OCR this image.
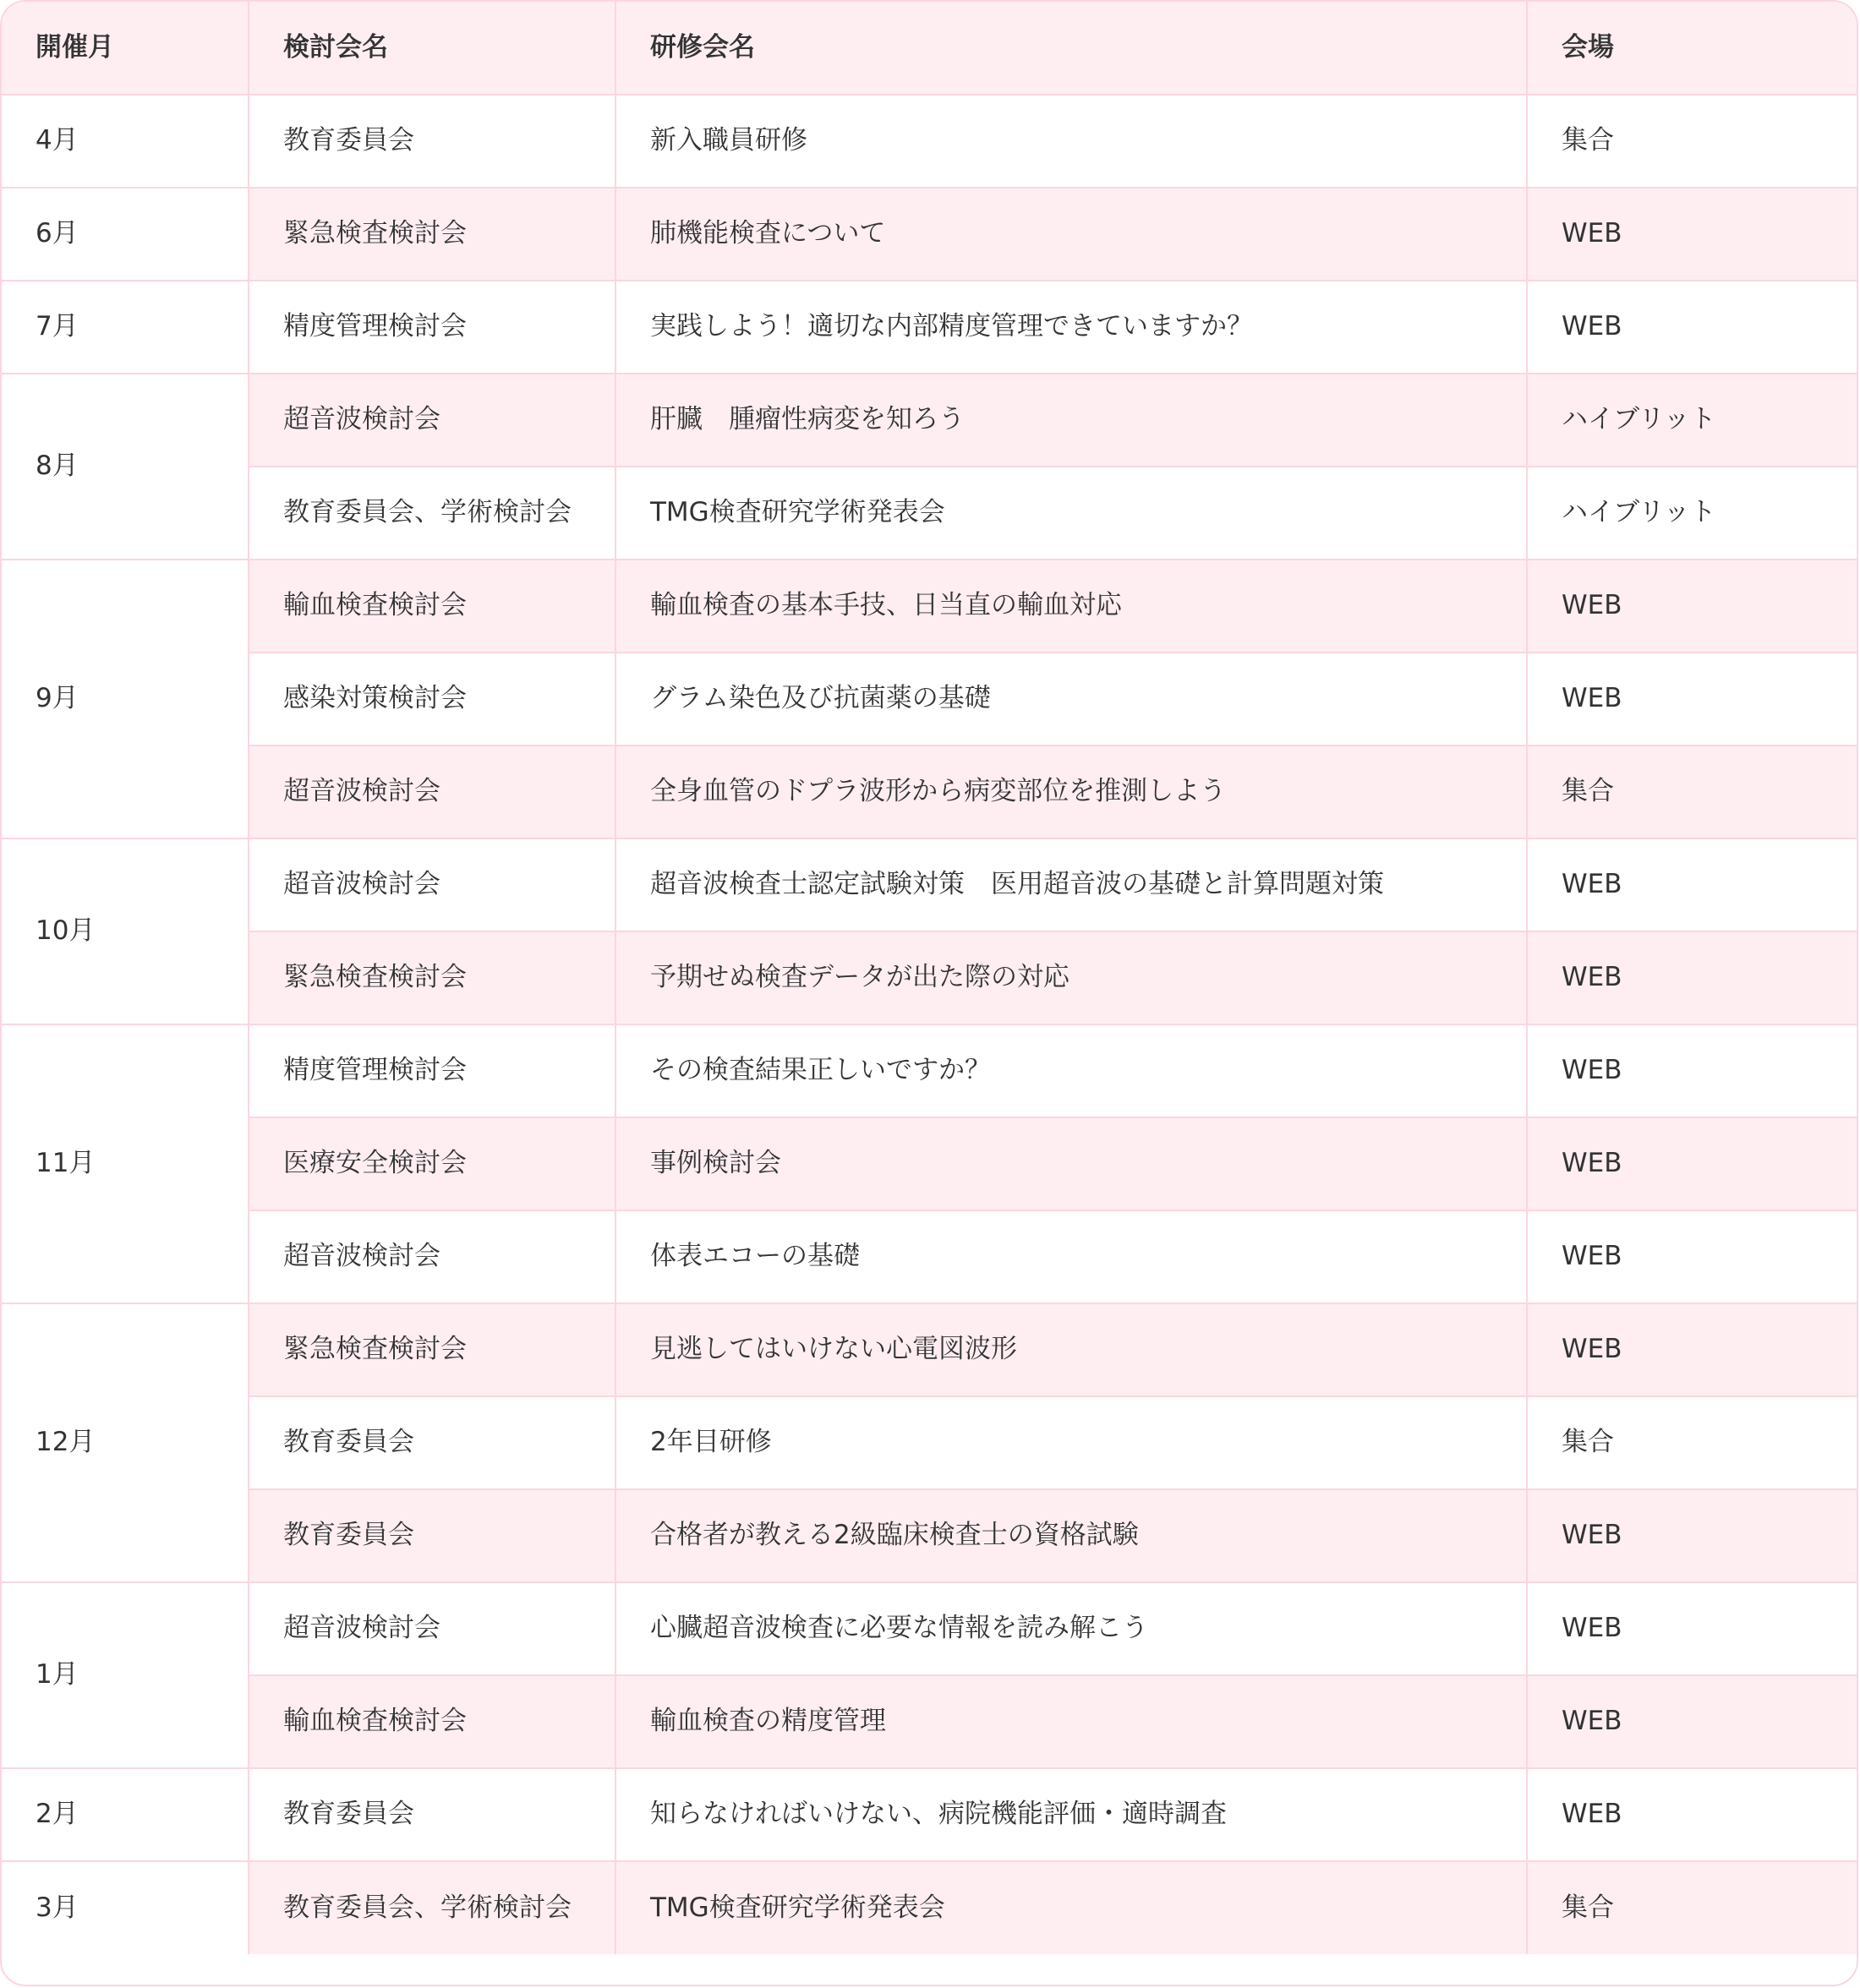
開催月	検討会名	研修会名	会場
4月	教育委員会	新入職員研修	集合
6月	緊急検査検討会	肺機能検査について	WEB
7月	精度管理検討会	実践しよう！適切な内部精度管理できていますか？	WEB
8月	超音波検討会	肝臓　腫瘤性病変を知ろう	ハイブリット
	教育委員会、学術検討会	TMG検査研究学術発表会	ハイブリット
9月	輸血検査検討会	輸血検査の基本手技、日当直の輸血対応	WEB
	感染対策検討会	グラム染色及び抗菌薬の基礎	WEB
	超音波検討会	全身血管のドプラ波形から病変部位を推測しよう	集合
10月	超音波検討会	超音波検査士認定試験対策　医用超音波の基礎と計算問題対策	WEB
	緊急検査検討会	予期せぬ検査データが出た際の対応	WEB
11月	精度管理検討会	その検査結果正しいですか？	WEB
	医療安全検討会	事例検討会	WEB
	超音波検討会	体表エコーの基礎	WEB
12月	緊急検査検討会	見逃してはいけない心電図波形	WEB
	教育委員会	2年目研修	集合
	教育委員会	合格者が教える2級臨床検査士の資格試験	WEB
1月	超音波検討会	心臓超音波検査に必要な情報を読み解こう	WEB
	輸血検査検討会	輸血検査の精度管理	WEB
2月	教育委員会	知らなければいけない、病院機能評価・適時調査	WEB
3月	教育委員会、学術検討会	TMG検査研究学術発表会	集合
